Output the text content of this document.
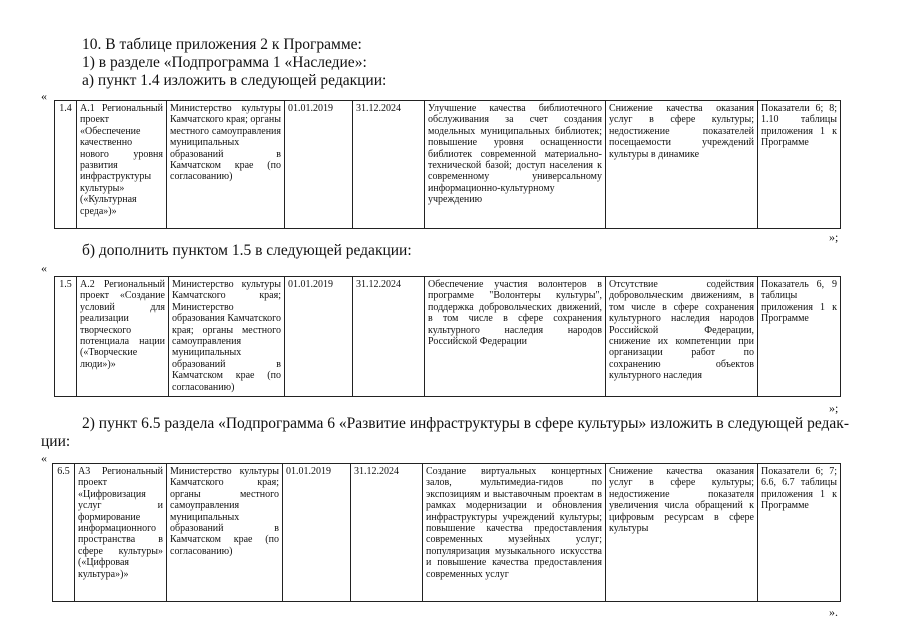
10. В таблице приложения 2 к Программе:
1) в разделе «Подпрограмма 1 «Наследие»:
а) пункт 1.4 изложить в следующей редакции:
«
1.4	А.1 Региональный проект «Обеспечение качественно нового уровня развития инфраструктуры культуры» («Культурная среда»)»	Министерство культуры Камчатского края; органы местного самоуправления муниципальных образований в Камчатском крае (по согласованию)	01.01.2019	31.12.2024	Улучшение качества библиотечного обслуживания за счет создания модельных муниципальных библиотек; повышение уровня оснащенности библиотек современной материально-технической базой; доступ населения к современному универсальному информационно-культурному учреждению	Снижение качества оказания услуг в сфере культуры; недостижение показателей посещаемости учреждений культуры в динамике	Показатели 6; 8; 1.10 таблицы приложения 1 к Программе
»;
б) дополнить пунктом 1.5 в следующей редакции:
«
1.5	А.2 Региональный проект «Создание условий для реализации творческого потенциала нации («Творческие люди»)»	Министерство культуры Камчатского края; Министерство образования Камчатского края; органы местного самоуправления муниципальных образований в Камчатском крае (по согласованию)	01.01.2019	31.12.2024	Обеспечение участия волонтеров в программе "Волонтеры культуры", поддержка добровольческих движений, в том числе в сфере сохранения культурного наследия народов Российской Федерации	Отсутствие содействия добровольческим движениям, в том числе в сфере сохранения культурного наследия народов Российской Федерации, снижение их компетенции при организации работ по сохранению объектов культурного наследия	Показатель 6, 9 таблицы приложения 1 к Программе
»;
2) пункт 6.5 раздела «Подпрограмма 6 «Развитие инфраструктуры в сфере культуры» изложить в следующей редак-
ции:
«
6.5	А3 Региональный проект «Цифровизация услуг и формирование информационного пространства в сфере культуры» («Цифровая культура»)»	Министерство культуры Камчатского края; органы местного самоуправления муниципальных образований в Камчатском крае (по согласованию)	01.01.2019	31.12.2024	Создание виртуальных концертных залов, мультимедиа-гидов по экспозициям и выставочным проектам в рамках модернизации и обновления инфраструктуры учреждений культуры; повышение качества предоставления современных музейных услуг; популяризация музыкального искусства и повышение качества предоставления современных услуг	Снижение качества оказания услуг в сфере культуры; недостижение показателя увеличения числа обращений к цифровым ресурсам в сфере культуры	Показатели 6; 7; 6.6, 6.7 таблицы приложения 1 к Программе
».
